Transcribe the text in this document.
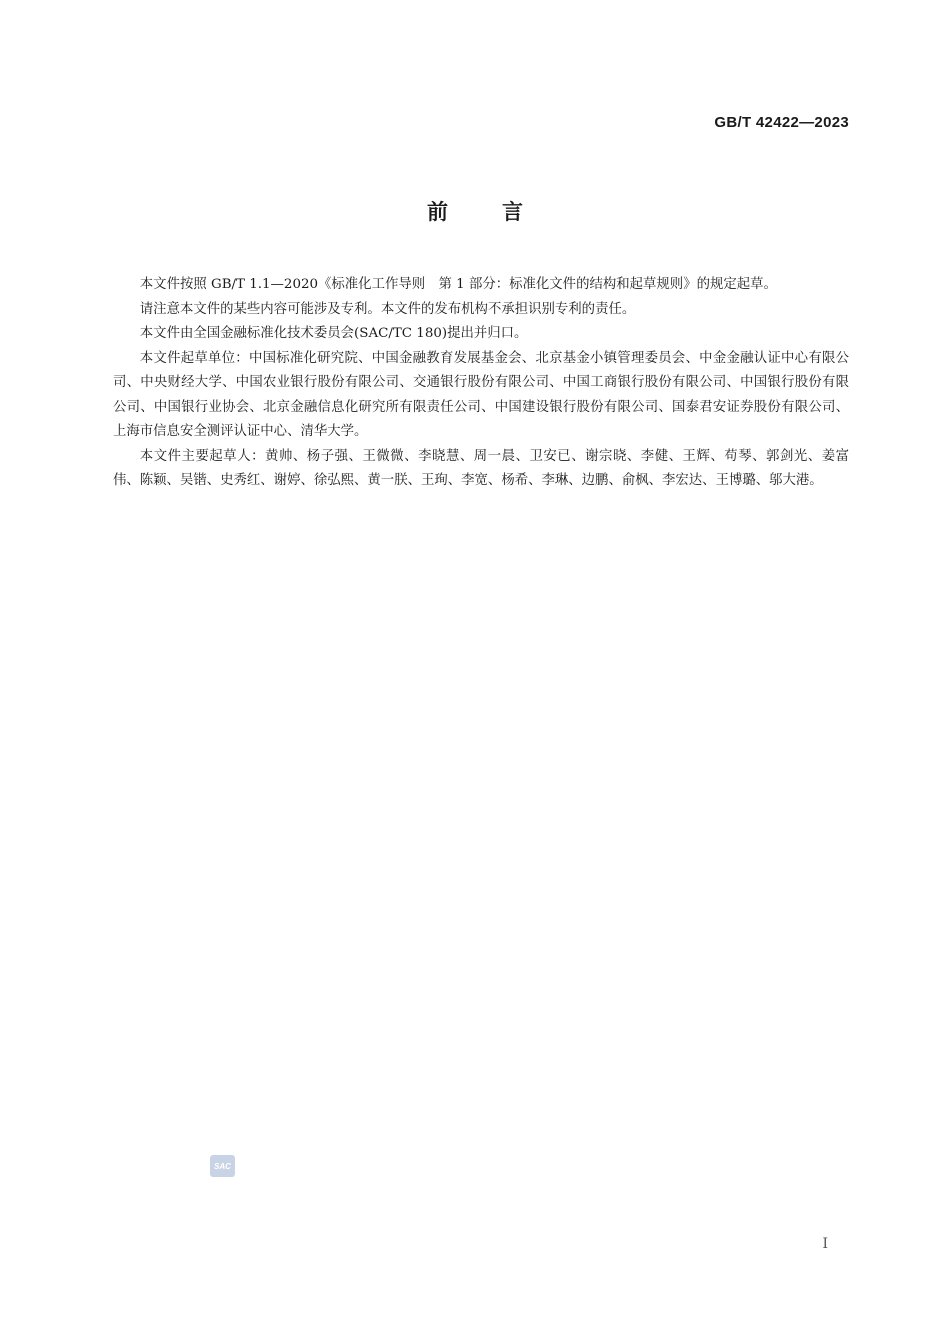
GB/T 42422—2023
前言

本文件按照 GB/T 1.1—2020《标准化工作导则　第 1 部分：标准化文件的结构和起草规则》的规定起草。

请注意本文件的某些内容可能涉及专利。本文件的发布机构不承担识别专利的责任。

本文件由全国金融标准化技术委员会(SAC/TC 180)提出并归口。

本文件起草单位：中国标准化研究院、中国金融教育发展基金会、北京基金小镇管理委员会、中金金融认证中心有限公司、中央财经大学、中国农业银行股份有限公司、交通银行股份有限公司、中国工商银行股份有限公司、中国银行股份有限公司、中国银行业协会、北京金融信息化研究所有限责任公司、中国建设银行股份有限公司、国泰君安证券股份有限公司、上海市信息安全测评认证中心、清华大学。

本文件主要起草人：黄帅、杨子强、王微微、李晓慧、周一晨、卫安已、谢宗晓、李健、王辉、苟琴、郭剑光、姜富伟、陈颖、吴锴、史秀红、谢婷、徐弘熙、黄一朕、王珣、李宽、杨希、李琳、边鹏、俞枫、李宏达、王博璐、邬大港。

SAC
I
